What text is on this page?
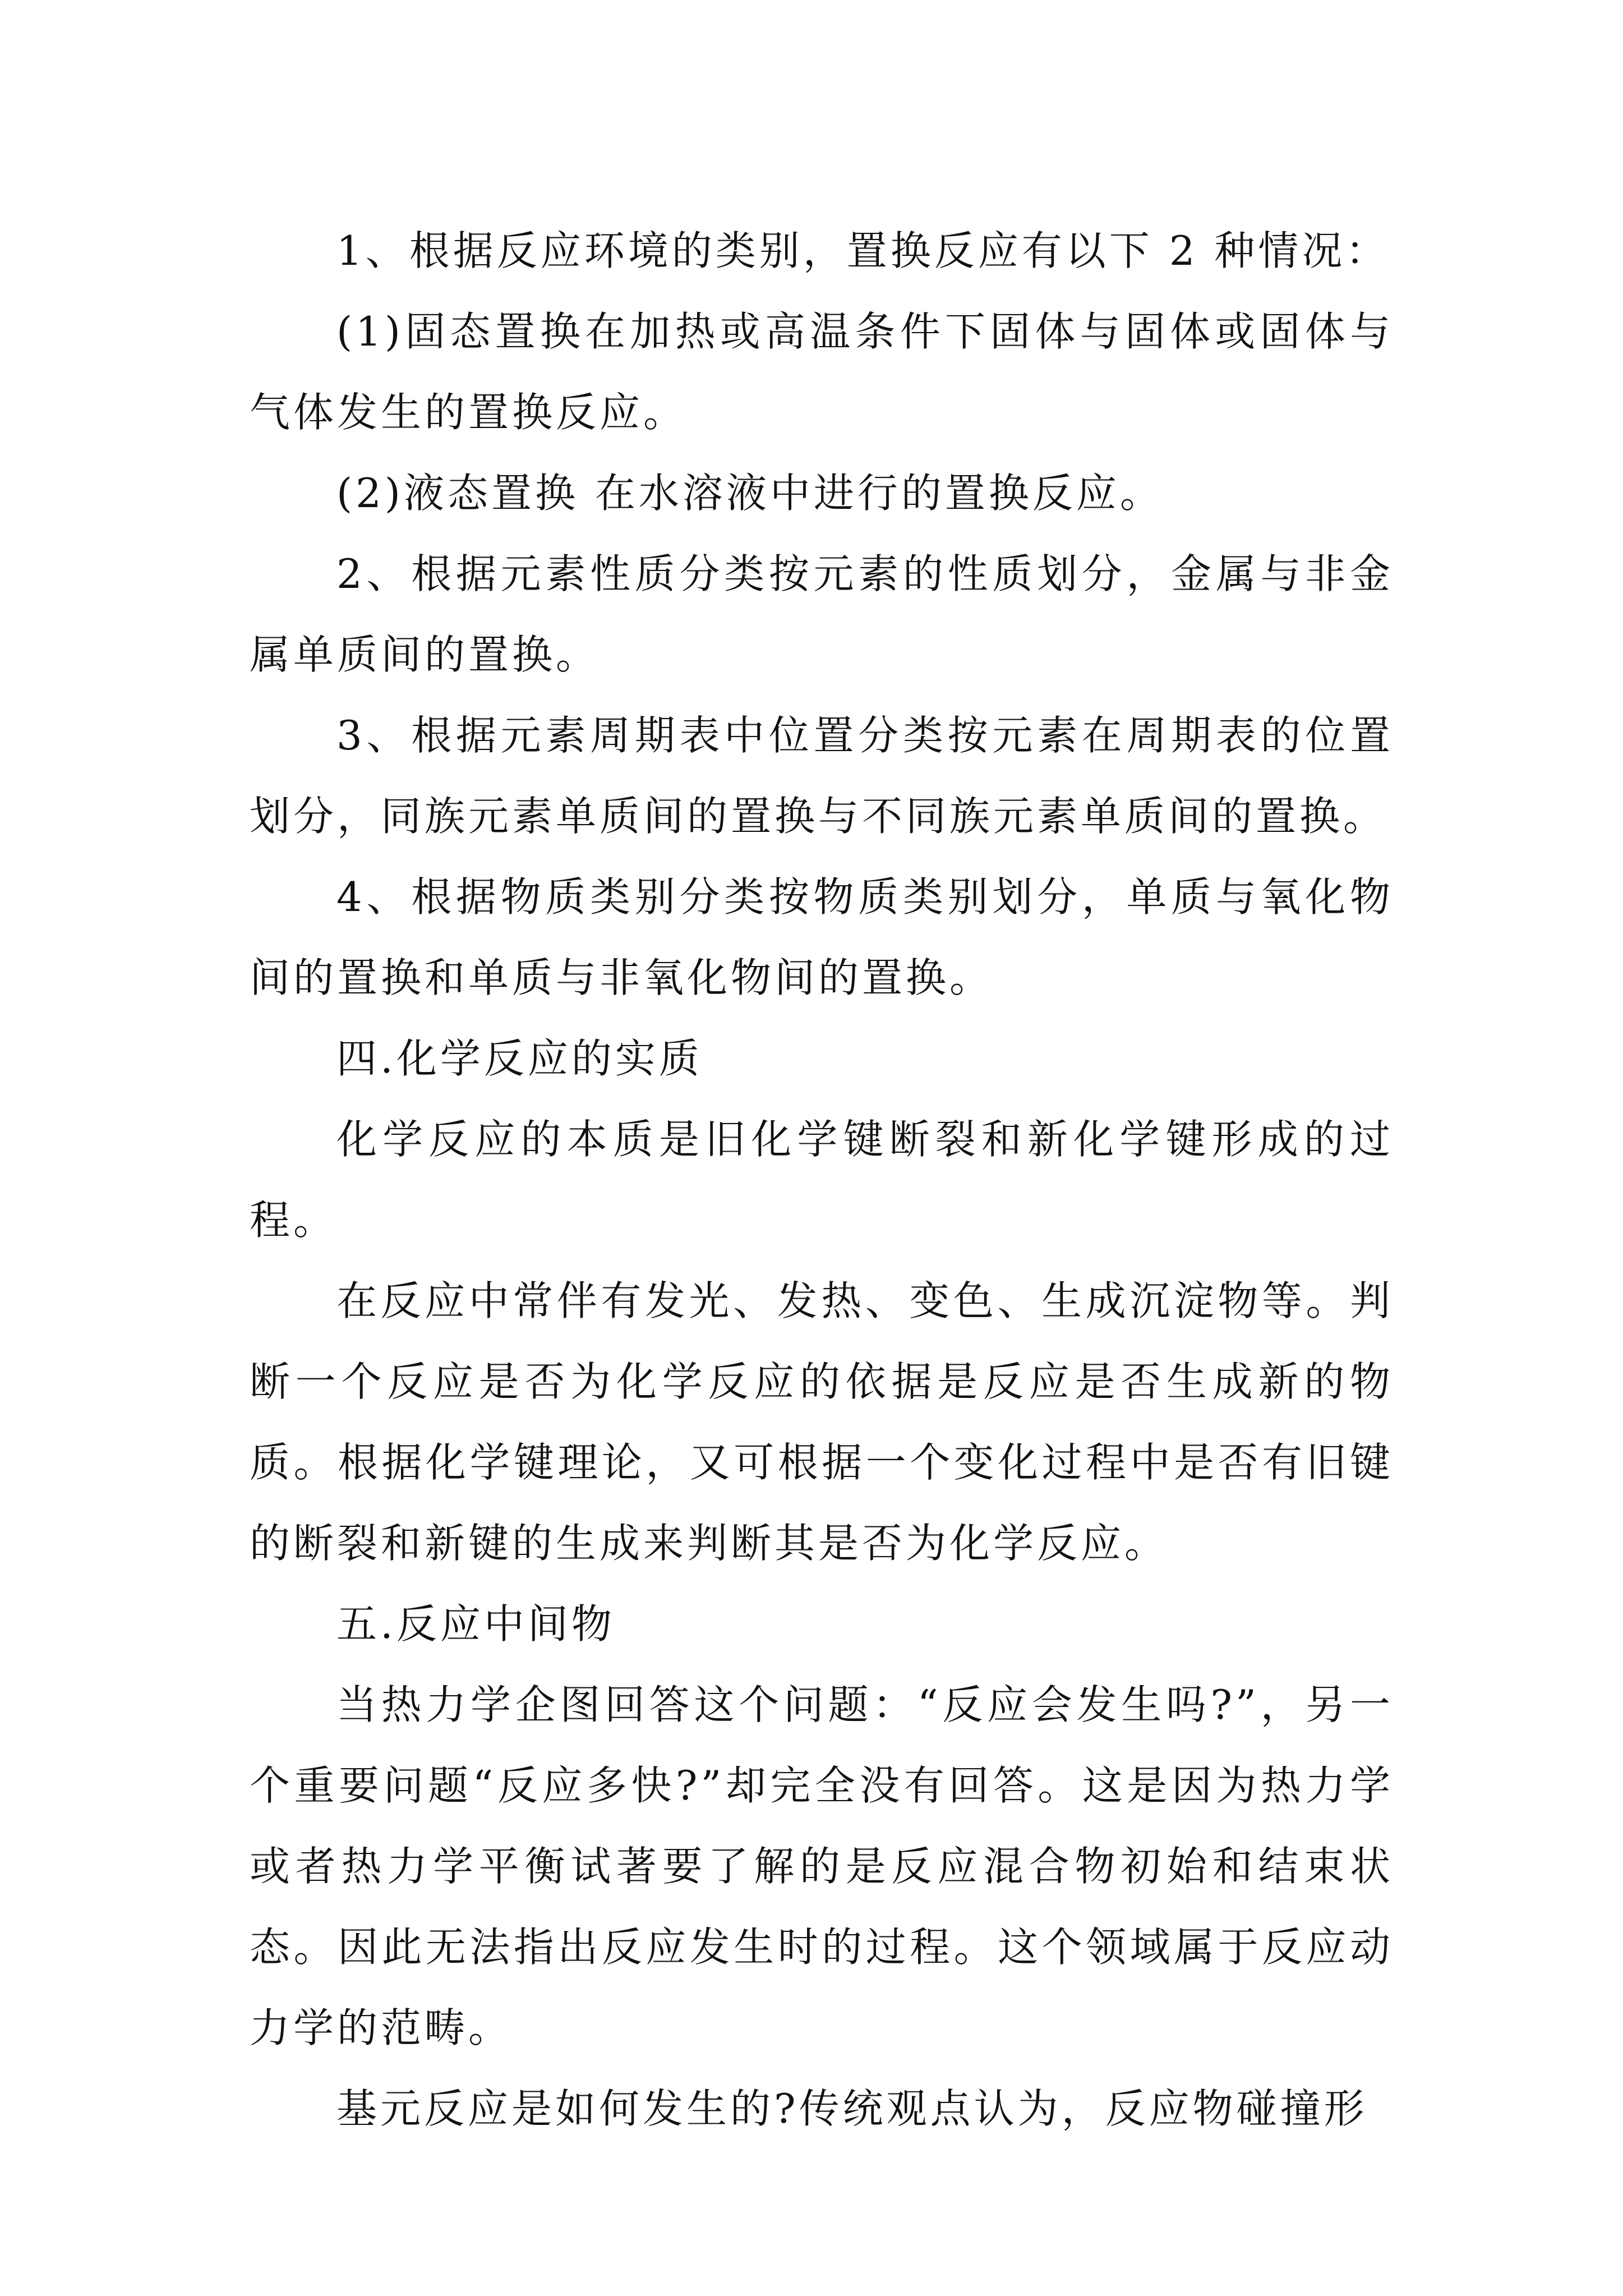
1、根据反应环境的类别，置换反应有以下 2 种情况：

(1)固态置换在加热或高温条件下固体与固体或固体与气体发生的置换反应。

(2)液态置换 在水溶液中进行的置换反应。

2、根据元素性质分类按元素的性质划分，金属与非金属单质间的置换。

3、根据元素周期表中位置分类按元素在周期表的位置划分，同族元素单质间的置换与不同族元素单质间的置换。

4、根据物质类别分类按物质类别划分，单质与氧化物间的置换和单质与非氧化物间的置换。

四.化学反应的实质

化学反应的本质是旧化学键断裂和新化学键形成的过程。

在反应中常伴有发光、发热、变色、生成沉淀物等。判断一个反应是否为化学反应的依据是反应是否生成新的物质。根据化学键理论，又可根据一个变化过程中是否有旧键的断裂和新键的生成来判断其是否为化学反应。

五.反应中间物

当热力学企图回答这个问题：“反应会发生吗?”，另一个重要问题“反应多快?”却完全没有回答。这是因为热力学或者热力学平衡试著要了解的是反应混合物初始和结束状态。因此无法指出反应发生时的过程。这个领域属于反应动力学的范畴。

基元反应是如何发生的?传统观点认为，反应物碰撞形
